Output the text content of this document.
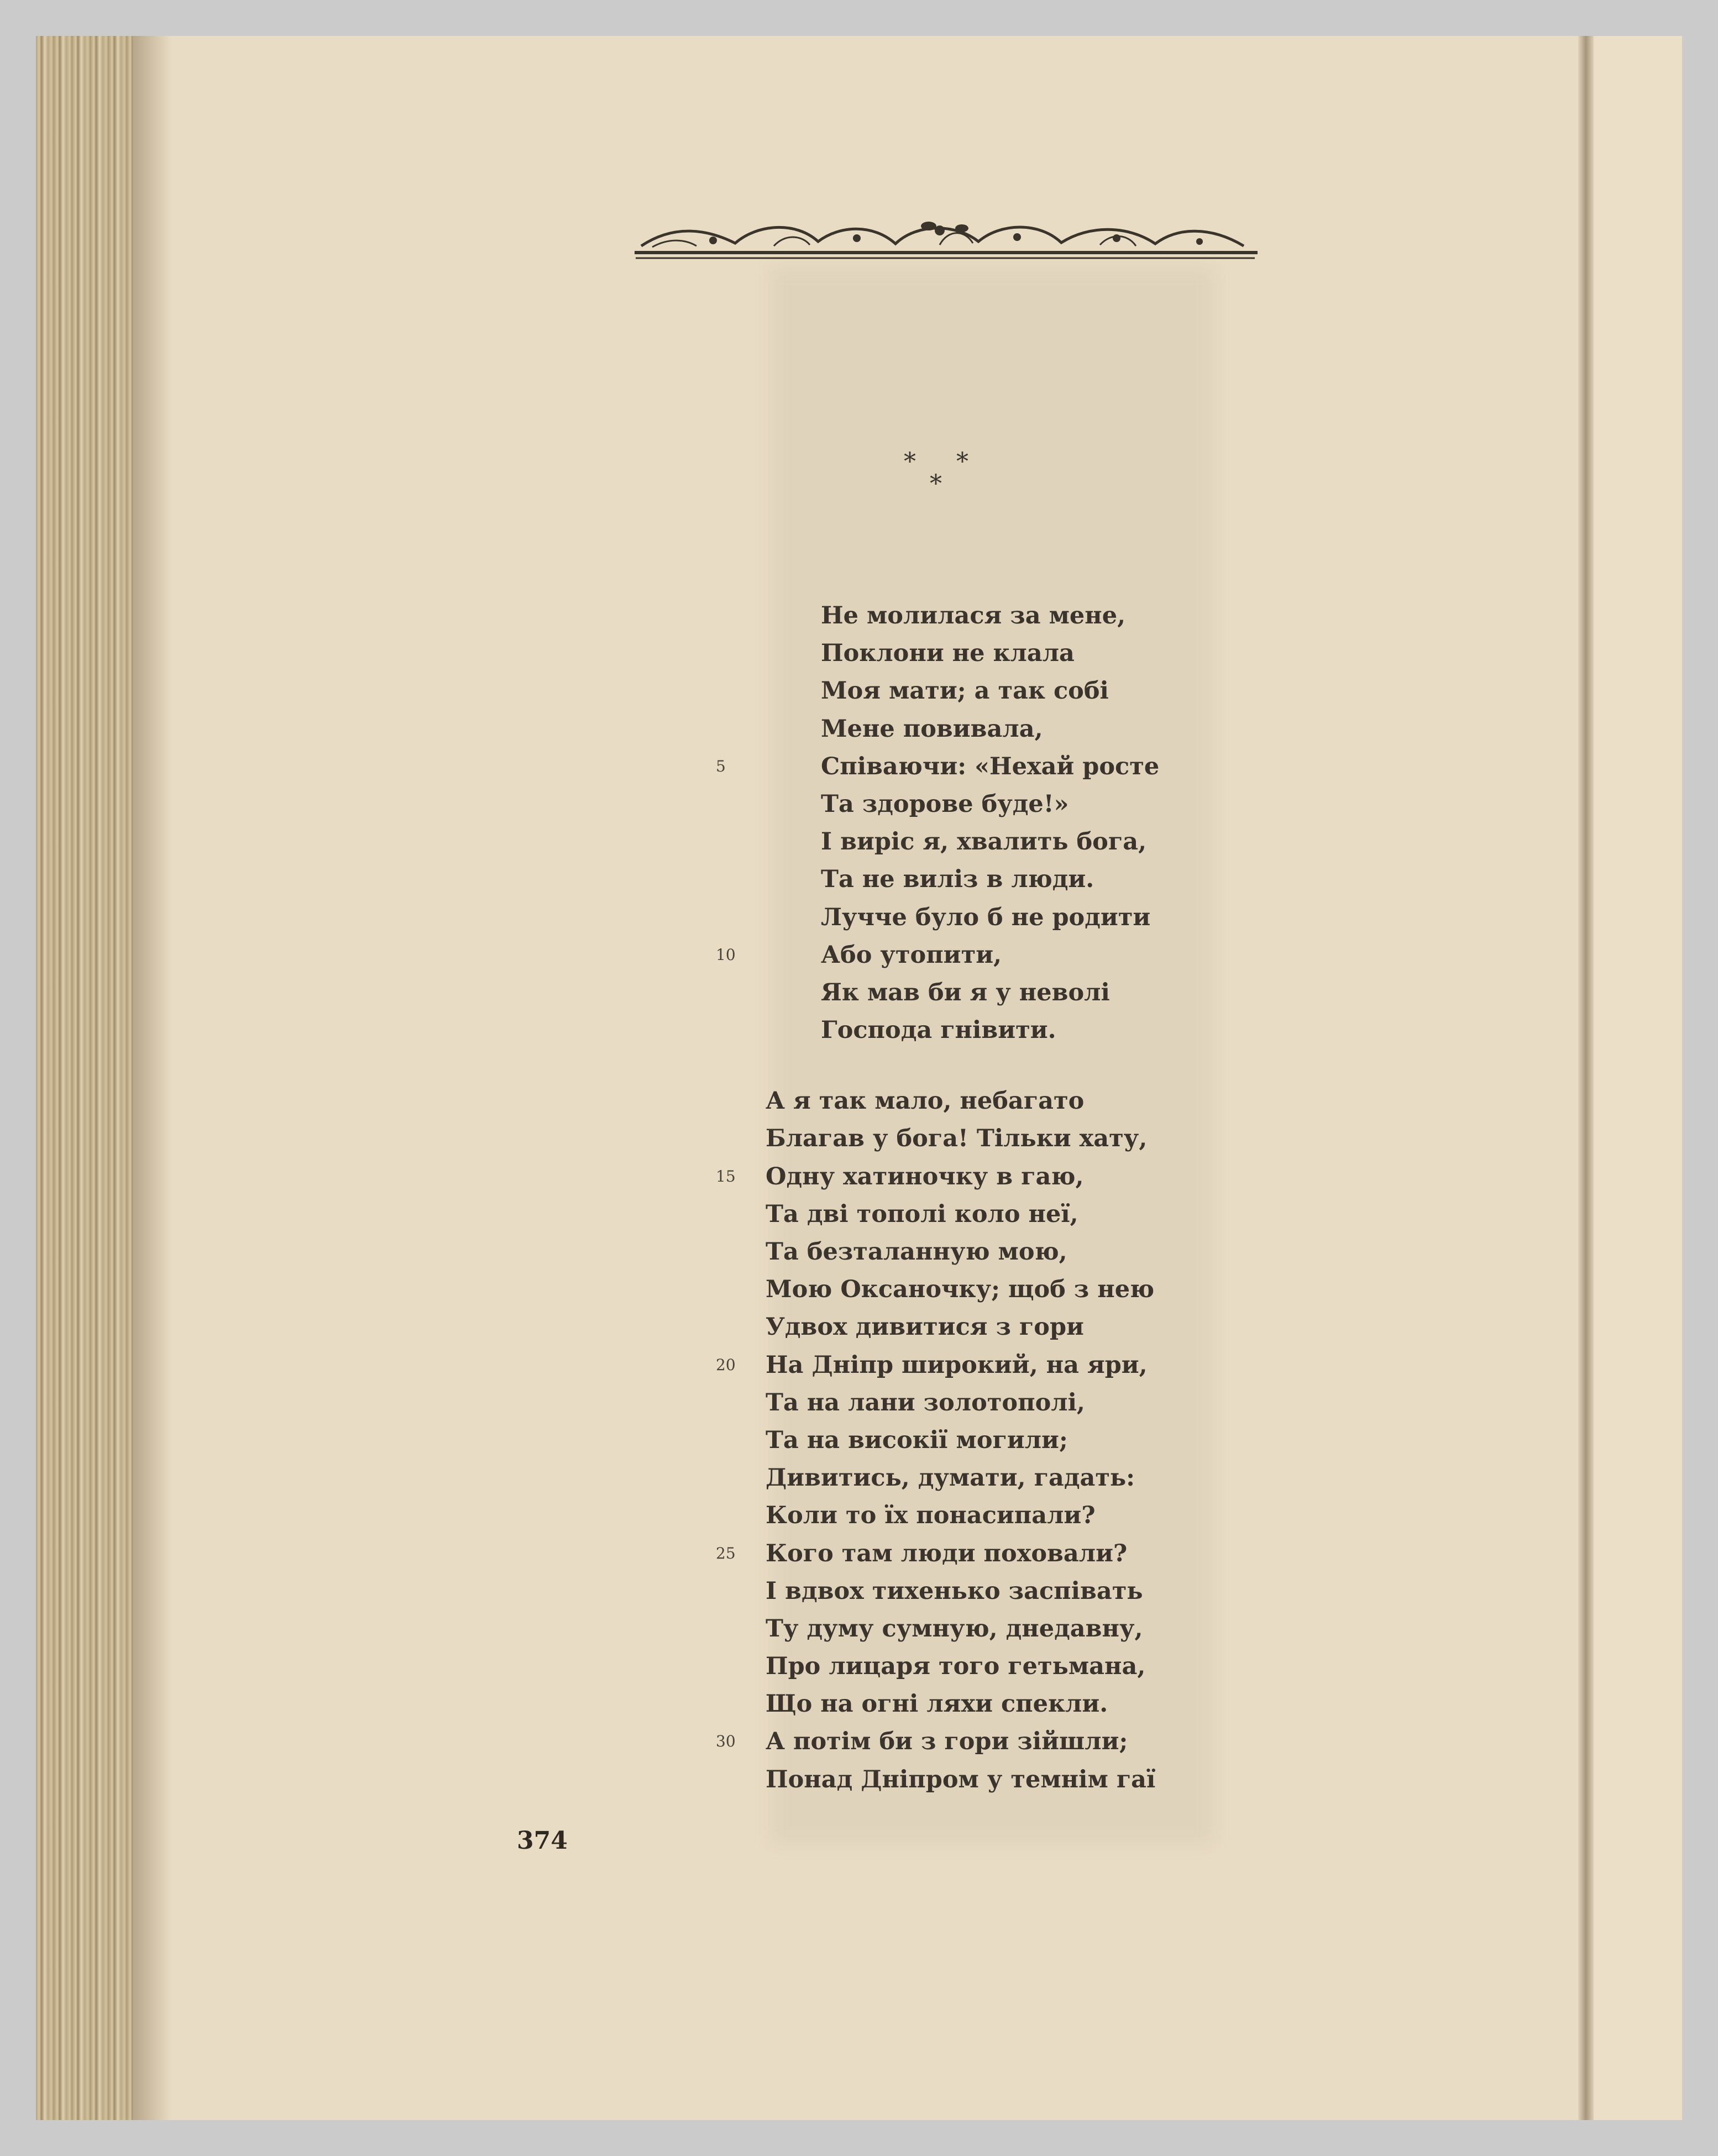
* *
*
Не молилася за мене,
Поклони не клала
Моя мати; а так собі
Мене повивала,
5	Співаючи: «Нехай росте
Та здорове буде!»
І виріс я, хвалить бога,
Та не виліз в люди.
Лучче було б не родити
10	Або утопити,
Як мав би я у неволі
Господа гнівити.
А я так мало, небагато
Благав у бога! Тільки хату,
15	Одну хатиночку в гаю,
Та дві тополі коло неї,
Та безталанную мою,
Мою Оксаночку; щоб з нею
Удвох дивитися з гори
20	На Дніпр широкий, на яри,
Та на лани золотополі,
Та на високії могили;
Дивитись, думати, гадать:
Коли то їх понасипали?
25	Кого там люди поховали?
І вдвох тихенько заспівать
Ту думу сумную, днедавну,
Про лицаря того гетьмана,
Що на огні ляхи спекли.
30	А потім би з гори зійшли;
Понад Дніпром у темнім гаї
374
